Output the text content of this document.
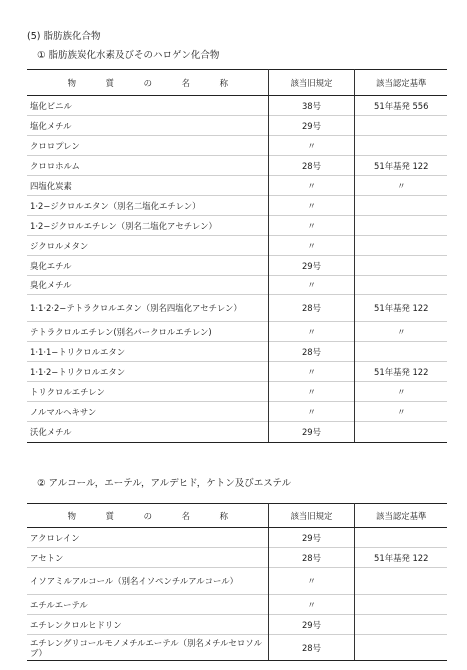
(5) 脂肪族化合物
① 脂肪族炭化水素及びそのハロゲン化合物
物 質 の 名 称	該当旧規定	該当認定基準
塩化ビニル	38号	51年基発 556
塩化メチル	29号	
クロロプレン	〃	
クロロホルム	28号	51年基発 122
四塩化炭素	〃	〃
1·2−ジクロルエタン（別名二塩化エチレン）	〃	
1·2−ジクロルエチレン（別名二塩化アセチレン）	〃	
ジクロルメタン	〃	
臭化エチル	29号	
臭化メチル	〃	
1·1·2·2−テトラクロルエタン（別名四塩化アセチレン）	28号	51年基発 122
テトラクロルエチレン(別名パークロルエチレン)	〃	〃
1·1·1−トリクロルエタン	28号	
1·1·2−トリクロルエタン	〃	51年基発 122
トリクロルエチレン	〃	〃
ノルマルヘキサン	〃	〃
沃化メチル	29号	
② アルコール，エーテル，アルデヒド，ケトン及びエステル
物 質 の 名 称	該当旧規定	該当認定基準
アクロレイン	29号	
アセトン	28号	51年基発 122
イソアミルアルコール（別名イソペンチルアルコール）	〃	
エチルエーテル	〃	
エチレンクロルヒドリン	29号	
エチレングリコールモノメチルエーテル（別名メチルセロソルブ）	28号	
